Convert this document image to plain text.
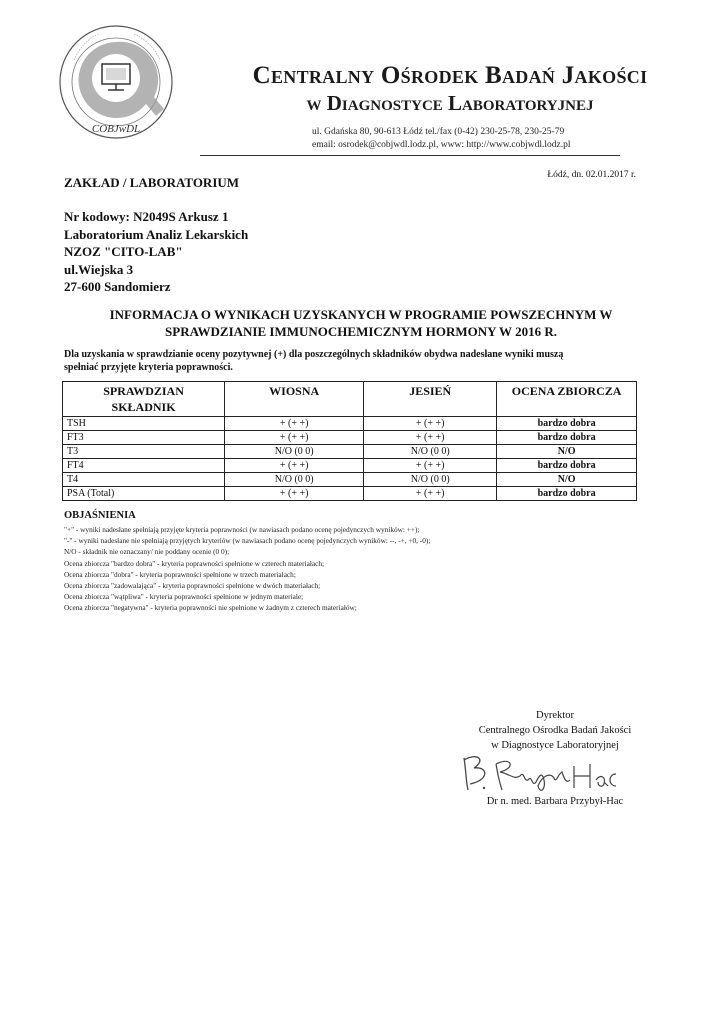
COBJwDL
Centralny Ośrodek Badań Jakości
w Diagnostyce Laboratoryjnej
ul. Gdańska 80, 90-613 Łódź tel./fax (0-42) 230-25-78, 230-25-79
email: osrodek@cobjwdl.lodz.pl, www: http://www.cobjwdl.lodz.pl
ZAKŁAD / LABORATORIUM	Łódź, dn. 02.01.2017 r.
Nr kodowy: N2049S Arkusz 1
Laboratorium Analiz Lekarskich
NZOZ "CITO-LAB"
ul.Wiejska 3
27-600 Sandomierz
INFORMACJA O WYNIKACH UZYSKANYCH W PROGRAMIE POWSZECHNYM W
SPRAWDZIANIE IMMUNOCHEMICZNYM HORMONY W 2016 R.
Dla uzyskania w sprawdzianie oceny pozytywnej (+) dla poszczególnych składników obydwa nadesłane wyniki muszą
spełniać przyjęte kryteria poprawności.
SPRAWDZIAN
SKŁADNIK	WIOSNA	JESIEŃ	OCENA ZBIORCZA
TSH	+ (+ +)	+ (+ +)	bardzo dobra
FT3	+ (+ +)	+ (+ +)	bardzo dobra
T3	N/O (0 0)	N/O (0 0)	N/O
FT4	+ (+ +)	+ (+ +)	bardzo dobra
T4	N/O (0 0)	N/O (0 0)	N/O
PSA (Total)	+ (+ +)	+ (+ +)	bardzo dobra
OBJAŚNIENIA
"+" - wyniki nadesłane spełniają przyjęte kryteria poprawności (w nawiasach podano ocenę pojedynczych wyników: ++);
"-" - wyniki nadesłane nie spełniają przyjętych kryteriów (w nawiasach podano ocenę pojedynczych wyników: --, -+, +0, -0);
N/O - składnik nie oznaczany/ nie poddany ocenie (0 0);
Ocena zbiorcza "bardzo dobra" - kryteria poprawności spełnione w czterech materiałach;
Ocena zbiorcza "dobra" - kryteria poprawności spełnione w trzech materiałach;
Ocena zbiorcza "zadowalająca" - kryteria poprawności spełnione w dwóch materiałach;
Ocena zbiorcza "wątpliwa" - kryteria poprawności spełnione w jednym materiale;
Ocena zbiorcza "negatywna" - kryteria poprawności nie spełnione w żadnym z czterech materiałów;
Dyrektor
Centralnego Ośrodka Badań Jakości
w Diagnostyce Laboratoryjnej
Dr n. med. Barbara Przybył-Hac
